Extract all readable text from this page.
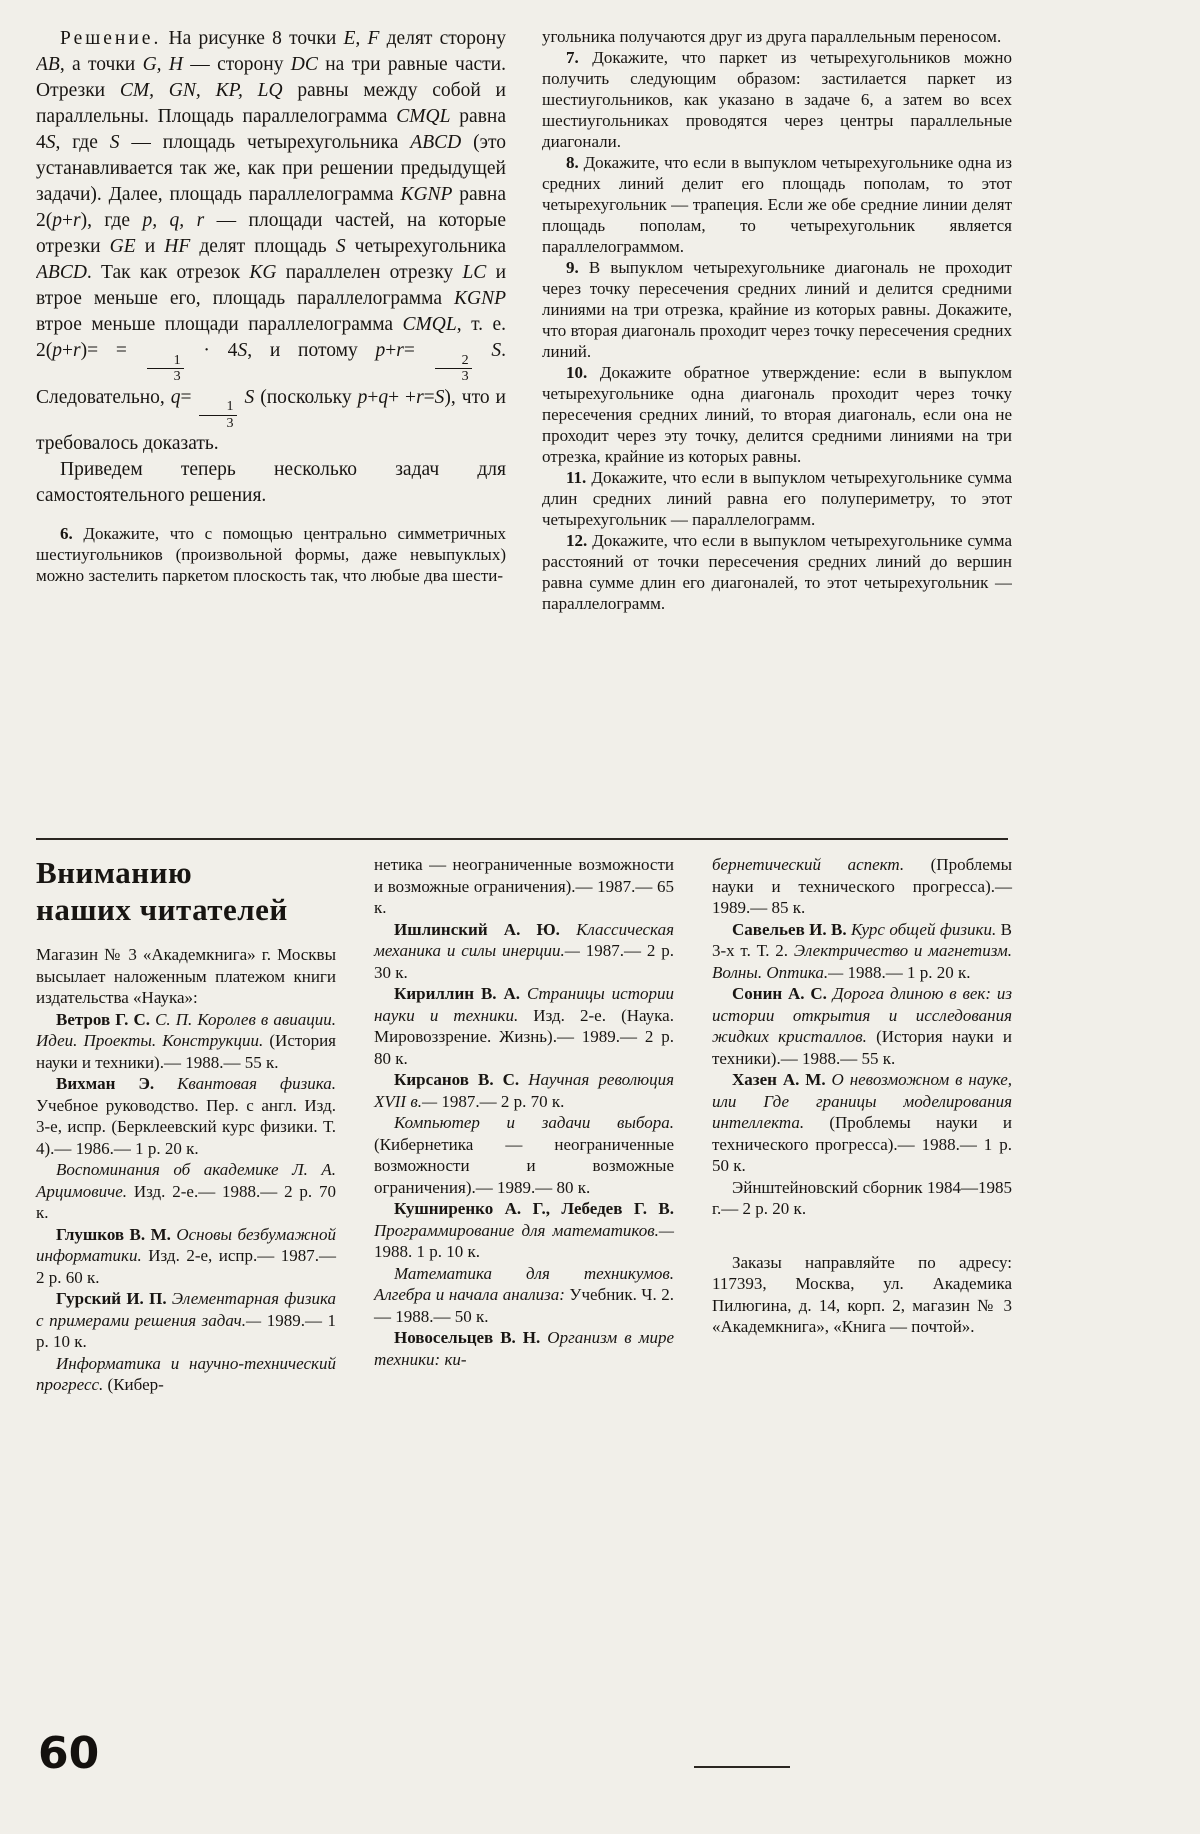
Решение. На рисунке 8 точки E, F делят сторону AB, а точки G, H — сторону DC на три равные части. Отрезки CM, GN, KP, LQ равны между собой и параллельны. Площадь параллелограмма CMQL равна 4S, где S — площадь четырехугольника ABCD (это устанавливается так же, как при решении предыдущей задачи). Далее, площадь параллелограмма KGNP равна 2(p+r), где p, q, r — площади частей, на которые отрезки GE и HF делят площадь S четырехугольника ABCD. Так как отрезок KG параллелен отрезку LC и втрое меньше его, площадь параллелограмма KGNP втрое меньше площади параллелограмма CMQL, т. е. 2(p+r)= =
$\frac{1}{3}$
· 4S, и потому p+r=
$\frac{2}{3}$
S. Следовательно, q=
$\frac{1}{3}$
S (поскольку p+q+ +r=S), что и требовалось доказать.

Приведем теперь несколько задач для самостоятельного решения.

6. Докажите, что с помощью центрально симметричных шестиугольников (произвольной формы, даже невыпуклых) можно застелить паркетом плоскость так, что любые два шести-

угольника получаются друг из друга параллельным переносом.

7. Докажите, что паркет из четырехугольников можно получить следующим образом: застилается паркет из шестиугольников, как указано в задаче 6, а затем во всех шестиугольниках проводятся через центры параллельные диагонали.

8. Докажите, что если в выпуклом четырехугольнике одна из средних линий делит его площадь пополам, то этот четырехугольник — трапеция. Если же обе средние линии делят площадь пополам, то четырехугольник является параллелограммом.

9. В выпуклом четырехугольнике диагональ не проходит через точку пересечения средних линий и делится средними линиями на три отрезка, крайние из которых равны. Докажите, что вторая диагональ проходит через точку пересечения средних линий.

10. Докажите обратное утверждение: если в выпуклом четырехугольнике одна диагональ проходит через точку пересечения средних линий, то вторая диагональ, если она не проходит через эту точку, делится средними линиями на три отрезка, крайние из которых равны.

11. Докажите, что если в выпуклом четырехугольнике сумма длин средних линий равна его полупериметру, то этот четырехугольник — параллелограмм.

12. Докажите, что если в выпуклом четырехугольнике сумма расстояний от точки пересечения средних линий до вершин равна сумме длин его диагоналей, то этот четырехугольник — параллелограмм.

Вниманию
наших читателей

Магазин № 3 «Академкнига» г. Москвы высылает наложенным платежом книги издательства «Наука»:

Ветров Г. С. С. П. Королев в авиации. Идеи. Проекты. Конструкции. (История науки и техники).— 1988.— 55 к.

Вихман Э. Квантовая физика. Учебное руководство. Пер. с англ. Изд. 3-е, испр. (Берклеевский курс физики. Т. 4).— 1986.— 1 р. 20 к.

Воспоминания об академике Л. А. Арцимовиче. Изд. 2-е.— 1988.— 2 р. 70 к.

Глушков В. М. Основы безбумажной информатики. Изд. 2-е, испр.— 1987.— 2 р. 60 к.

Гурский И. П. Элементарная физика с примерами решения задач.— 1989.— 1 р. 10 к.

Информатика и научно-технический прогресс. (Кибер-

нетика — неограниченные возможности и возможные ограничения).— 1987.— 65 к.

Ишлинский А. Ю. Классическая механика и силы инерции.— 1987.— 2 р. 30 к.

Кириллин В. А. Страницы истории науки и техники. Изд. 2-е. (Наука. Мировоззрение. Жизнь).— 1989.— 2 р. 80 к.

Кирсанов В. С. Научная революция XVII в.— 1987.— 2 р. 70 к.

Компьютер и задачи выбора. (Кибернетика — неограниченные возможности и возможные ограничения).— 1989.— 80 к.

Кушниренко А. Г., Лебедев Г. В. Программирование для математиков.— 1988. 1 р. 10 к.

Математика для техникумов. Алгебра и начала анализа: Учебник. Ч. 2.— 1988.— 50 к.

Новосельцев В. Н. Организм в мире техники: ки-

бернетический аспект. (Проблемы науки и технического прогресса).— 1989.— 85 к.

Савельев И. В. Курс общей физики. В 3-х т. Т. 2. Электричество и магнетизм. Волны. Оптика.— 1988.— 1 р. 20 к.

Сонин А. С. Дорога длиною в век: из истории открытия и исследования жидких кристаллов. (История науки и техники).— 1988.— 55 к.

Хазен А. М. О невозможном в науке, или Где границы моделирования интеллекта. (Проблемы науки и технического прогресса).— 1988.— 1 р. 50 к.

Эйнштейновский сборник 1984—1985 г.— 2 р. 20 к.

Заказы направляйте по адресу: 117393, Москва, ул. Академика Пилюгина, д. 14, корп. 2, магазин № 3 «Академкнига», «Книга — почтой».

60
